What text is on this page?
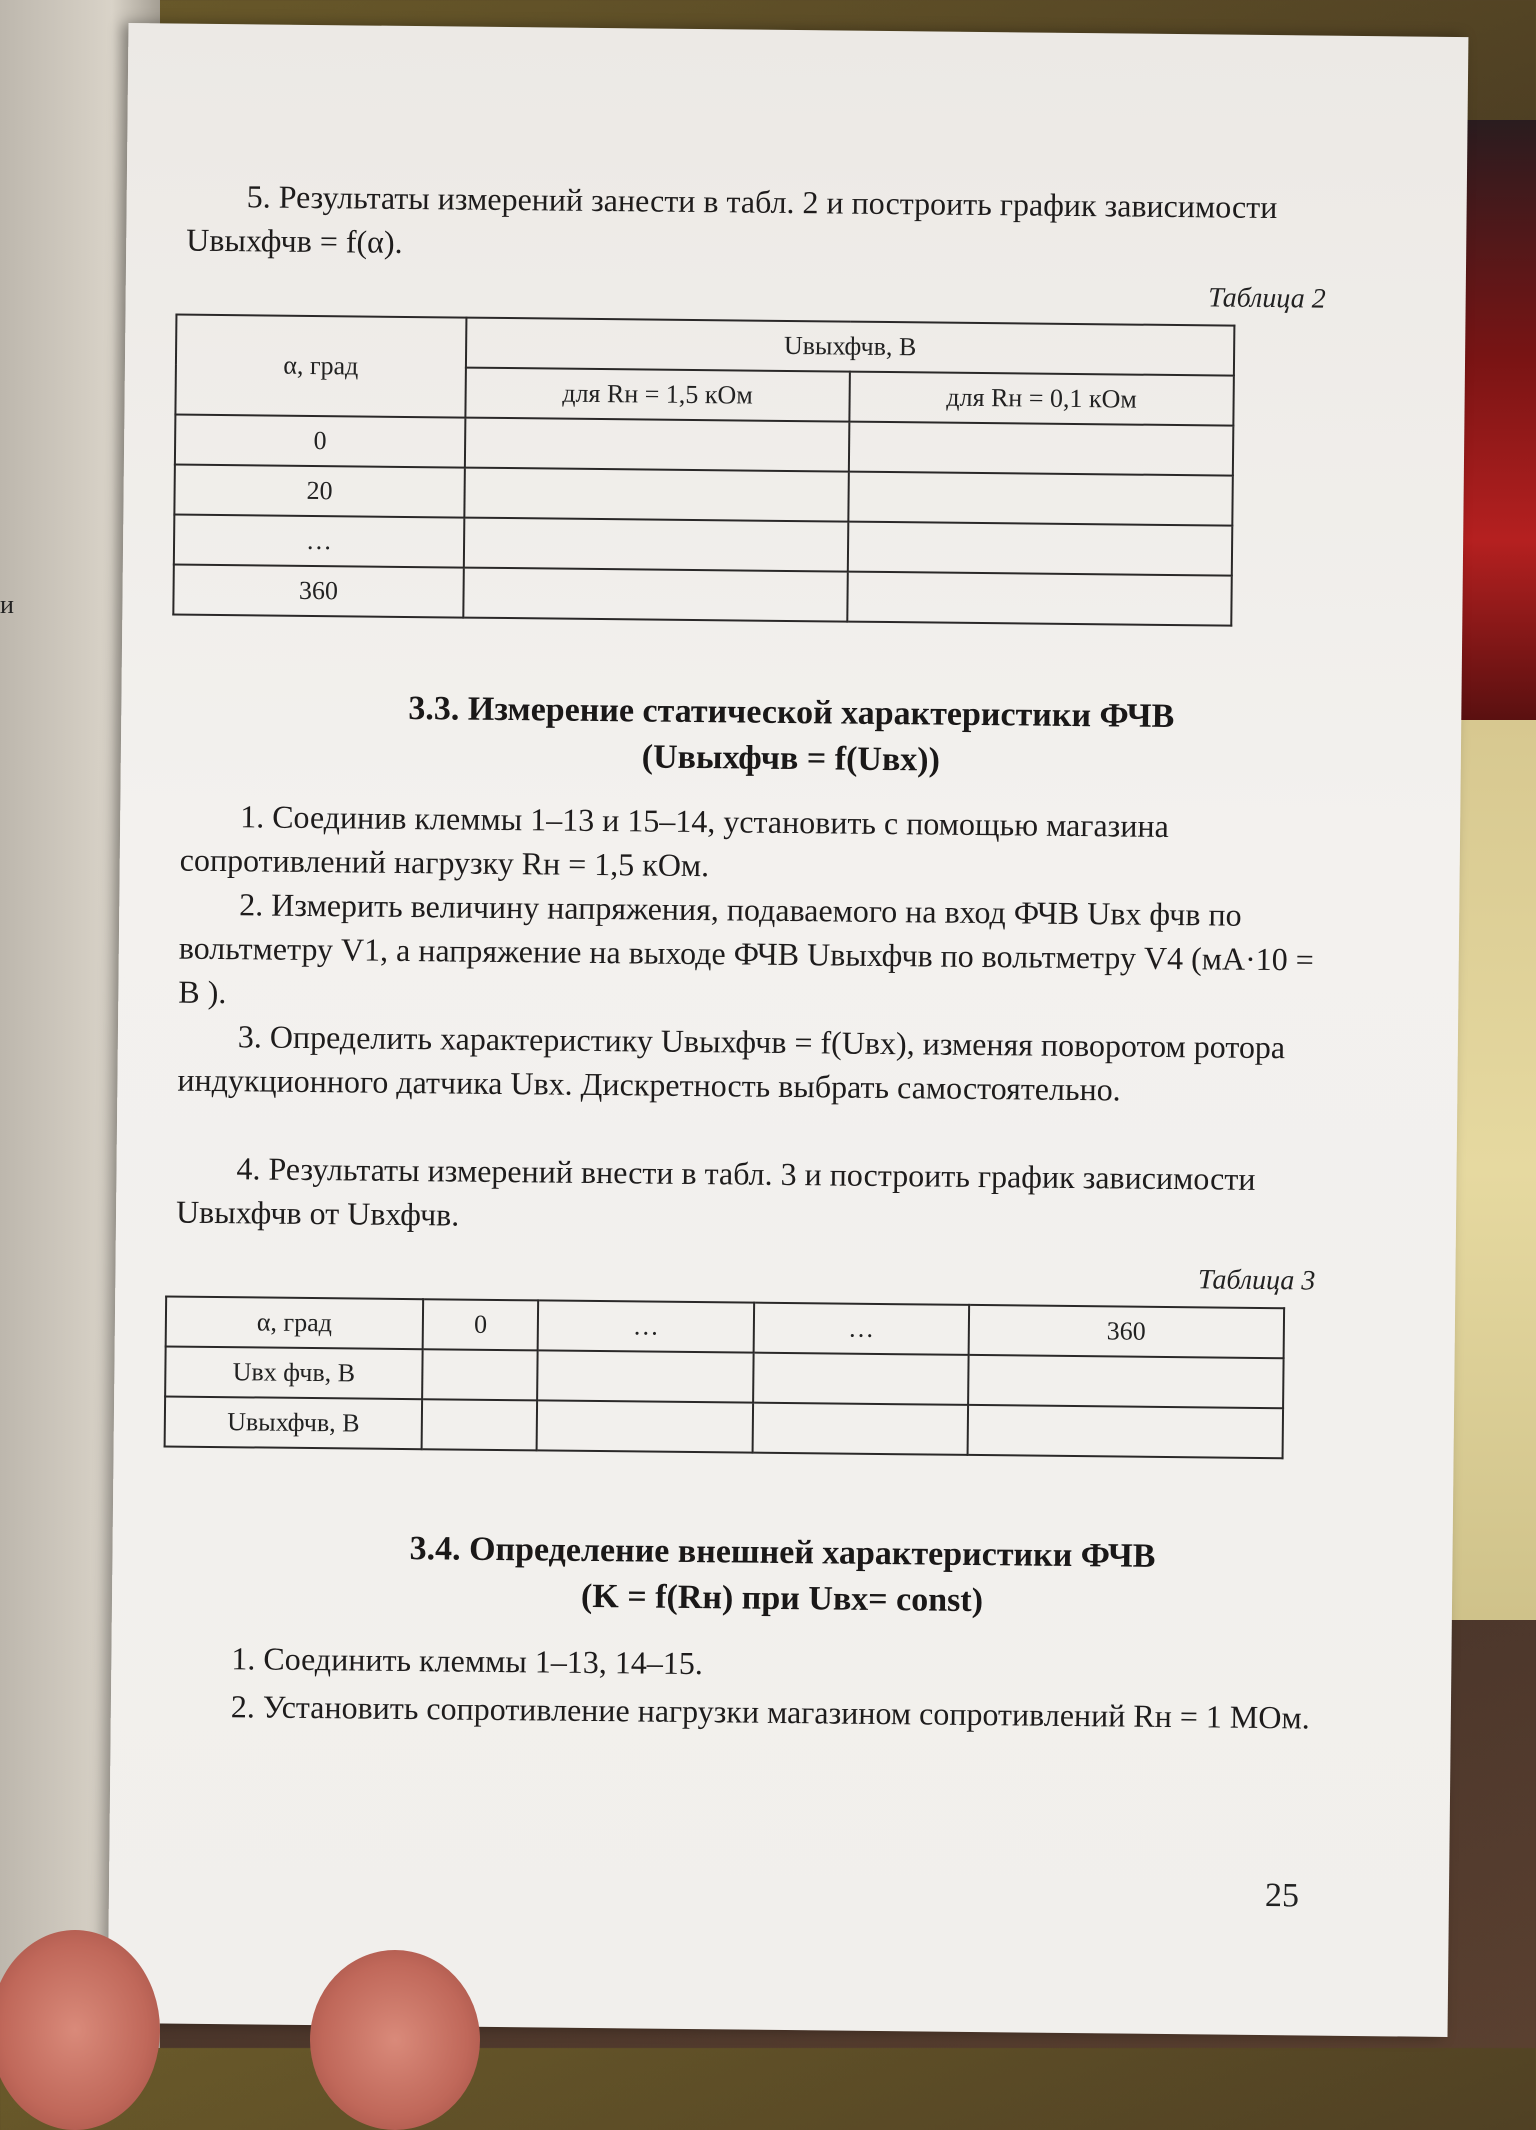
и
5. Результаты измерений занести в табл. 2 и построить график зависимости Uвыхфчв = f(α).
Таблица 2
α, град	Uвыхфчв, В	
	для Rн = 1,5 кОм	для Rн = 0,1 кОм
0		
20		
…		
360		
3.3. Измерение статической характеристики ФЧВ
(Uвыхфчв = f(Uвх))
1. Соединив клеммы 1–13 и 15–14, установить с помощью магазина сопротивлений нагрузку Rн = 1,5 кОм.
2. Измерить величину напряжения, подаваемого на вход ФЧВ Uвх фчв по вольтметру V1, а напряжение на выходе ФЧВ Uвыхфчв по вольтметру V4 (мА·10 = В ).
3. Определить характеристику Uвыхфчв = f(Uвх), изменяя поворотом ротора индукционного датчика Uвх. Дискретность выбрать самостоятельно.
4. Результаты измерений внести в табл. 3 и построить график зависимости Uвыхфчв от Uвхфчв.
Таблица 3
α, град	0	…	…	360
Uвх фчв, В				
Uвыхфчв, В				
3.4. Определение внешней характеристики ФЧВ
(K = f(Rн) при Uвх= const)
1. Соединить клеммы 1–13, 14–15.
2. Установить сопротивление нагрузки магазином сопротивлений Rн = 1 МОм.
25
